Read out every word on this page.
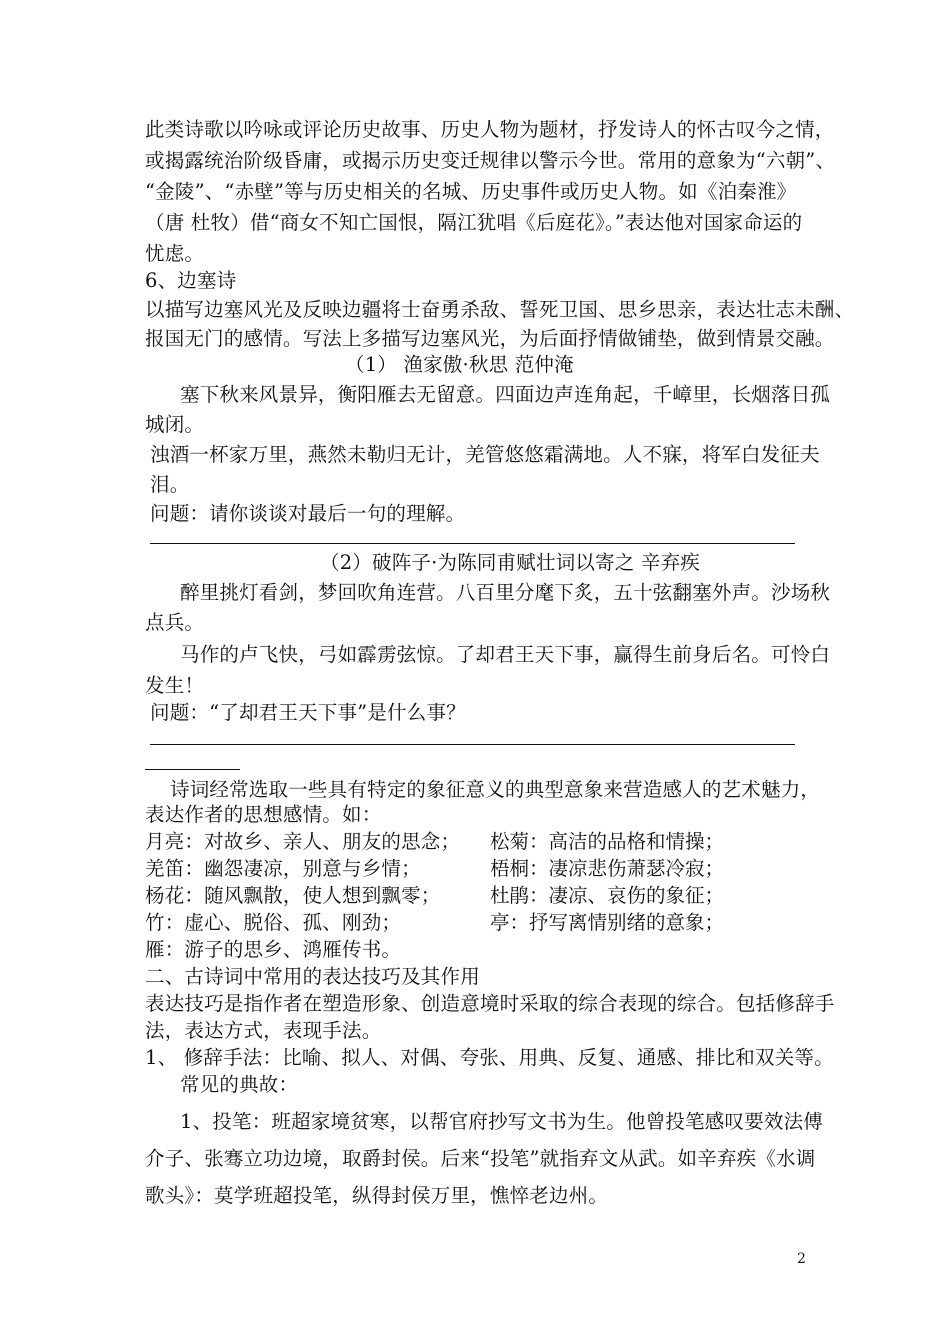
此类诗歌以吟咏或评论历史故事、历史人物为题材，抒发诗人的怀古叹今之情，
或揭露统治阶级昏庸，或揭示历史变迁规律以警示今世。常用的意象为“六朝”、
“金陵”、“赤壁”等与历史相关的名城、历史事件或历史人物。如《泊秦淮》
（唐 杜牧）借“商女不知亡国恨，隔江犹唱《后庭花》。”表达他对国家命运的
忧虑。
6、边塞诗
以描写边塞风光及反映边疆将士奋勇杀敌、誓死卫国、思乡思亲，表达壮志未酬、
报国无门的感情。写法上多描写边塞风光，为后面抒情做铺垫，做到情景交融。
（1） 渔家傲·秋思 范仲淹
塞下秋来风景异，衡阳雁去无留意。四面边声连角起，千嶂里，长烟落日孤
城闭。
浊酒一杯家万里，燕然未勒归无计，羌管悠悠霜满地。人不寐，将军白发征夫
泪。
问题：请你谈谈对最后一句的理解。
（2）破阵子·为陈同甫赋壮词以寄之 辛弃疾
醉里挑灯看剑，梦回吹角连营。八百里分麾下炙，五十弦翻塞外声。沙场秋
点兵。
马作的卢飞快，弓如霹雳弦惊。了却君王天下事，赢得生前身后名。可怜白
发生！
问题：“了却君王天下事”是什么事？
诗词经常选取一些具有特定的象征意义的典型意象来营造感人的艺术魅力，
表达作者的思想感情。如：
月亮：对故乡、亲人、朋友的思念；
羌笛：幽怨凄凉，别意与乡情；
杨花：随风飘散，使人想到飘零；
竹：虚心、脱俗、孤、刚劲；
雁：游子的思乡、鸿雁传书。
松菊：高洁的品格和情操；
梧桐：凄凉悲伤萧瑟冷寂；
杜鹃：凄凉、哀伤的象征；
亭：抒写离情别绪的意象；
二、古诗词中常用的表达技巧及其作用
表达技巧是指作者在塑造形象、创造意境时采取的综合表现的综合。包括修辞手
法，表达方式，表现手法。
1、 修辞手法：比喻、拟人、对偶、夸张、用典、反复、通感、排比和双关等。
常见的典故：
1、投笔：班超家境贫寒，以帮官府抄写文书为生。他曾投笔感叹要效法傅
介子、张骞立功边境，取爵封侯。后来“投笔”就指弃文从武。如辛弃疾《水调
歌头》：莫学班超投笔，纵得封侯万里，憔悴老边州。
2
